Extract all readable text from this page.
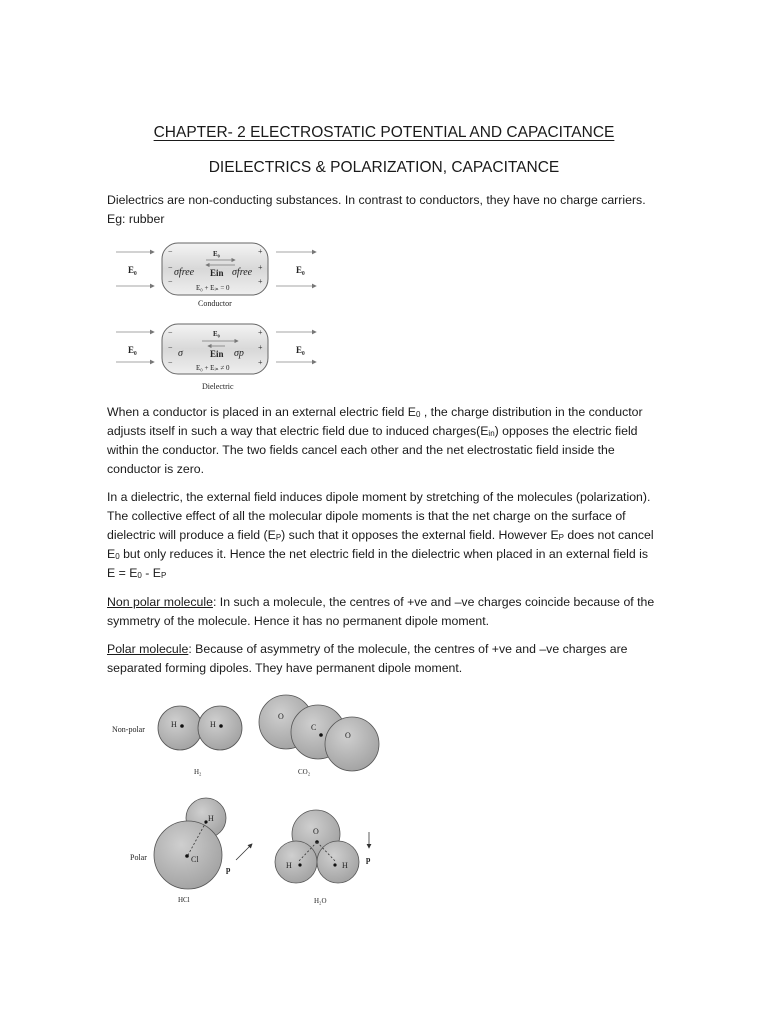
CHAPTER- 2 ELECTROSTATIC POTENTIAL AND CAPACITANCE
DIELECTRICS & POLARIZATION, CAPACITANCE

Dielectrics are non-conducting substances. In contrast to conductors, they have no charge carriers.
Eg: rubber

E₀	E₀
−
−
−
+
+
+
E₀
σfree Ein σfree
E₀ + Eᵢₙ = 0
Conductor
E₀	E₀
−
−
−
+
+
+
E₀
σ	Ein σp
E₀ + Eᵢₙ ≠ 0
Dielectric

When a conductor is placed in an external electric field $E_0$ , the charge distribution in the conductor
adjusts itself in such a way that electric field due to induced $charges(E_{in})$ opposes the electric field
within the conductor. The two fields cancel each other and the net electrostatic field inside the
conductor is zero.

In a dielectric, the external field induces dipole moment by stretching of the molecules (polarization).
The collective effect of all the molecular dipole moments is that the net charge on the surface of
dielectric will produce a field $(E_P)$ such that it opposes the external field. However $E_P$ does not cancel
$E_0$ but only reduces it. Hence the net electric field in the dielectric when placed in an external field is
$E = E_0 - E_P$

Non polar molecule: In such a molecule, the centres of +ve and –ve charges coincide because of the
symmetry of the molecule. Hence it has no permanent dipole moment.

Polar molecule: Because of asymmetry of the molecule, the centres of +ve and –ve charges are
separated forming dipoles. They have permanent dipole moment.

Non-polar
Polar
H	H
H₂
O
C
O
CO₂
H
Cl
p
HCl
O
H	H
p
H₂O
